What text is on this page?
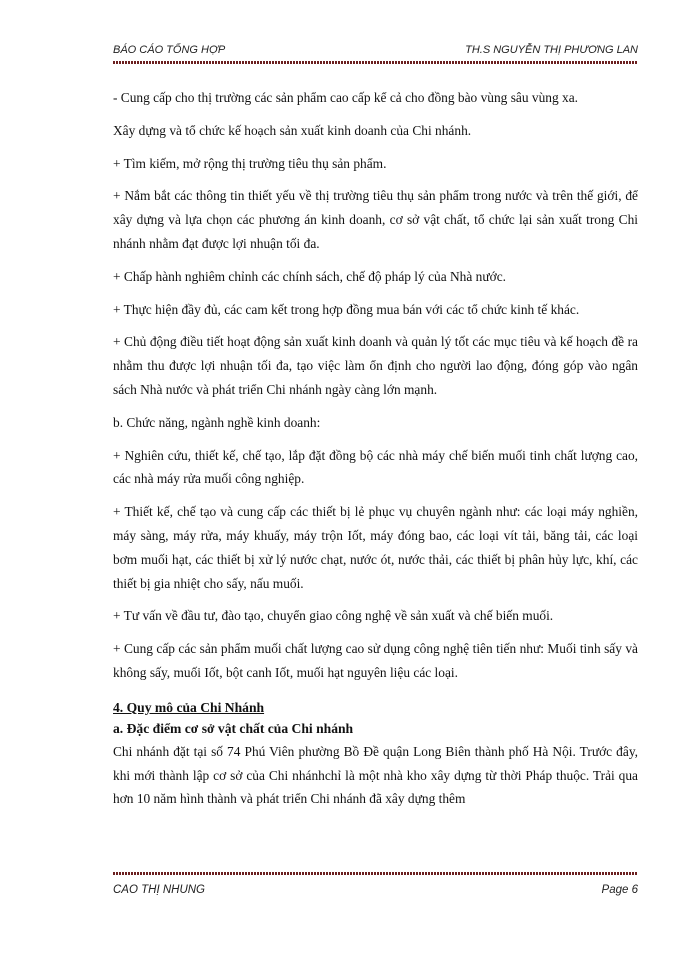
BÁO CÁO TỔNG HỢP	TH.S NGUYỄN THỊ PHƯƠNG LAN

- Cung cấp cho thị trường các sản phẩm cao cấp kể cả cho đồng bào vùng sâu vùng xa.

Xây dựng và tổ chức kế hoạch sản xuất kinh doanh của Chi nhánh.

+ Tìm kiếm, mở rộng thị trường tiêu thụ sản phẩm.

+ Nắm bắt các thông tin thiết yếu về thị trường tiêu thụ sản phẩm trong nước và trên thế giới, để xây dựng và lựa chọn các phương án kinh doanh, cơ sở vật chất, tổ chức lại sản xuất trong Chi nhánh nhằm đạt được lợi nhuận tối đa.

+ Chấp hành nghiêm chỉnh các chính sách, chế độ pháp lý của Nhà nước.

+ Thực hiện đầy đủ, các cam kết trong hợp đồng mua bán với các tổ chức kinh tế khác.

+ Chủ động điều tiết hoạt động sản xuất kinh doanh và quản lý tốt các mục tiêu và kế hoạch đề ra nhằm thu được lợi nhuận tối đa, tạo việc làm ổn định cho người lao động, đóng góp vào ngân sách Nhà nước và phát triển Chi nhánh ngày càng lớn mạnh.

b. Chức năng, ngành nghề kinh doanh:

+ Nghiên cứu, thiết kế, chế tạo, lắp đặt đồng bộ các nhà máy chế biến muối tinh chất lượng cao, các nhà máy rửa muối công nghiệp.

+ Thiết kế, chế tạo và cung cấp các thiết bị lẻ phục vụ chuyên ngành như: các loại máy nghiền, máy sàng, máy rửa, máy khuấy, máy trộn Iốt, máy đóng bao, các loại vít tải, băng tải, các loại bơm muối hạt, các thiết bị xử lý nước chạt, nước ót, nước thải, các thiết bị phân hủy lực, khí, các thiết bị gia nhiệt cho sấy, nấu muối.

+ Tư vấn về đầu tư, đào tạo, chuyển giao công nghệ về sản xuất và chế biến muối.

+ Cung cấp các sản phẩm muối chất lượng cao sử dụng công nghệ tiên tiến như: Muối tinh sấy và không sấy, muối Iốt, bột canh Iốt, muối hạt nguyên liệu các loại.

4. Quy mô của Chi Nhánh
a. Đặc điểm cơ sở vật chất của Chi nhánh

Chi nhánh đặt tại số 74 Phú Viên phường Bồ Đề quận Long Biên thành phố Hà Nội. Trước đây, khi mới thành lập cơ sở của Chi nhánhchỉ là một nhà kho xây dựng từ thời Pháp thuộc. Trải qua hơn 10 năm hình thành và phát triển Chi nhánh đã xây dựng thêm

CAO THỊ NHUNG	Page 6
